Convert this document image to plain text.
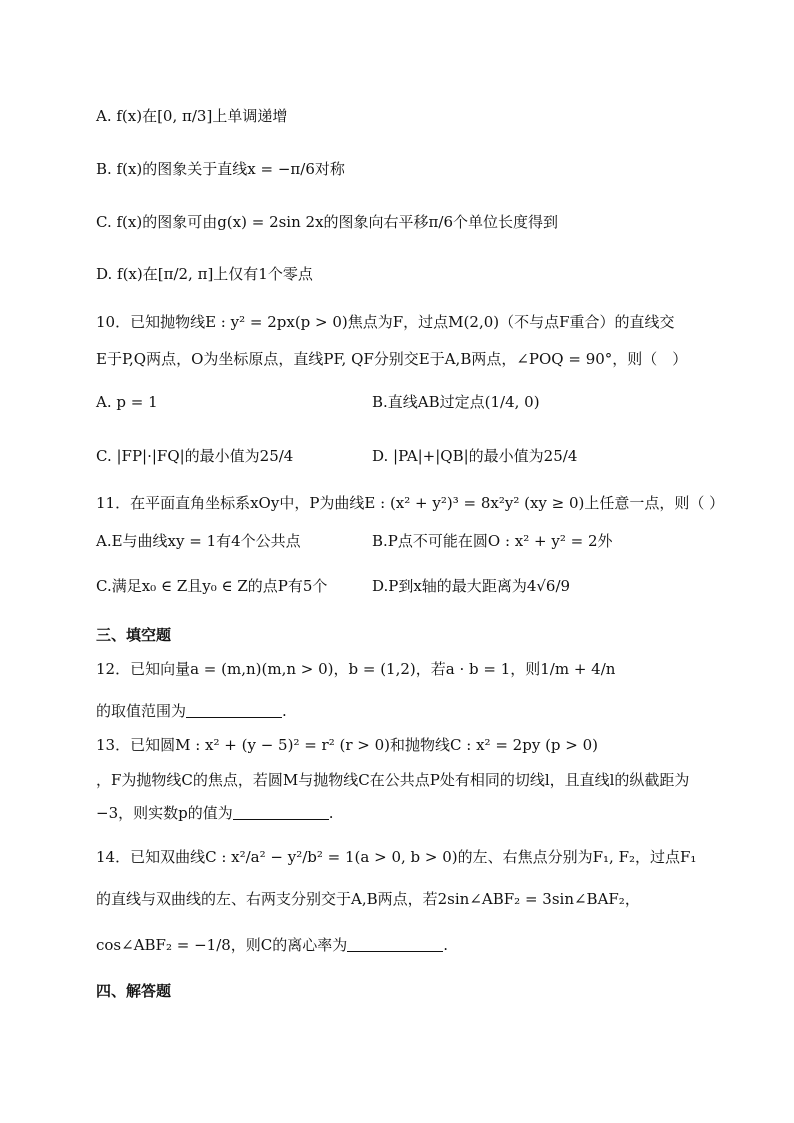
A. f(x)在[0, π/3]上单调递增
B. f(x)的图象关于直线x = −π/6对称
C. f(x)的图象可由g(x) = 2sin 2x的图象向右平移π/6个单位长度得到
D. f(x)在[π/2, π]上仅有1个零点
10．已知抛物线E : y² = 2px(p > 0)焦点为F，过点M(2,0)（不与点F重合）的直线交
E于P,Q两点，O为坐标原点，直线PF, QF分别交E于A,B两点，∠POQ = 90°，则（　）
A. p = 1	B.直线AB过定点(1/4, 0)
C. |FP|·|FQ|的最小值为25/4	D. |PA|+|QB|的最小值为25/4
11．在平面直角坐标系xOy中，P为曲线E : (x² + y²)³ = 8x²y² (xy ≥ 0)上任意一点，则（ ）
A.E与曲线xy = 1有4个公共点	B.P点不可能在圆O : x² + y² = 2外
C.满足x₀ ∈ Z且y₀ ∈ Z的点P有5个	D.P到x轴的最大距离为4√6/9
三、填空题
12．已知向量a = (m,n)(m,n > 0)，b = (1,2)，若a · b = 1，则1/m + 4/n
的取值范围为	.
13．已知圆M : x² + (y − 5)² = r² (r > 0)和抛物线C : x² = 2py (p > 0)
，F为抛物线C的焦点，若圆M与抛物线C在公共点P处有相同的切线l，且直线l的纵截距为
−3，则实数p的值为	.
14．已知双曲线C : x²/a² − y²/b² = 1(a > 0, b > 0)的左、右焦点分别为F₁, F₂，过点F₁
的直线与双曲线的左、右两支分别交于A,B两点，若2sin∠ABF₂ = 3sin∠BAF₂，
cos∠ABF₂ = −1/8，则C的离心率为	.
四、解答题
